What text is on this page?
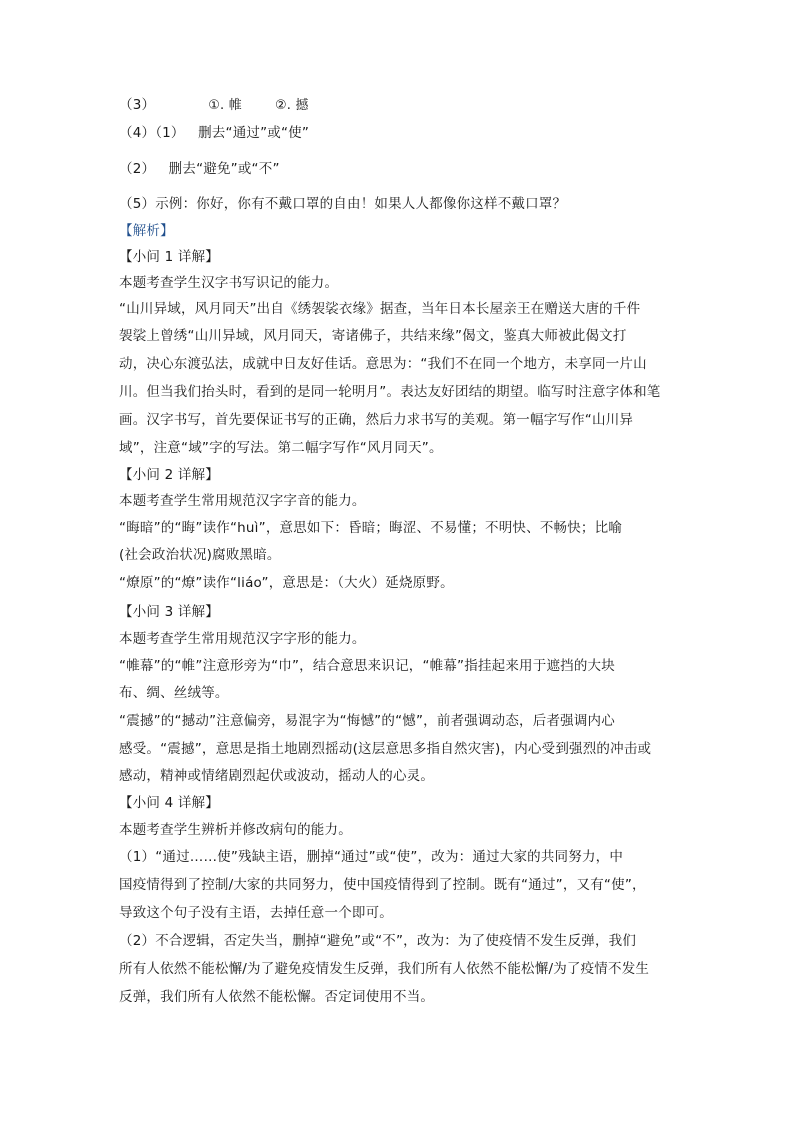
（3）	①. 帷	②. 撼
（4）（1）   删去“通过”或“使”
（2）   删去“避免”或“不”
（5）示例：你好，你有不戴口罩的自由！如果人人都像你这样不戴口罩？
【解析】
【小问 1 详解】
本题考查学生汉字书写识记的能力。
“山川异域，风月同天”出自《绣袈裟衣缘》据查，当年日本长屋亲王在赠送大唐的千件
袈裟上曾绣“山川异域，风月同天，寄诸佛子，共结来缘”偈文，鉴真大师被此偈文打
动，决心东渡弘法，成就中日友好佳话。意思为：“我们不在同一个地方，未享同一片山
川。但当我们抬头时，看到的是同一轮明月”。表达友好团结的期望。临写时注意字体和笔
画。汉字书写，首先要保证书写的正确，然后力求书写的美观。第一幅字写作“山川异
域”，注意“域”字的写法。第二幅字写作“风月同天”。
【小问 2 详解】
本题考查学生常用规范汉字字音的能力。
“晦暗”的“晦”读作“huì”，意思如下：昏暗；晦涩、不易懂；不明快、不畅快；比喻
(社会政治状况)腐败黑暗。
“燎原”的“燎”读作“liáo”，意思是：（大火）延烧原野。
【小问 3 详解】
本题考查学生常用规范汉字字形的能力。
“帷幕”的“帷”注意形旁为“巾”，结合意思来识记，“帷幕”指挂起来用于遮挡的大块
布、绸、丝绒等。
“震撼”的“撼动”注意偏旁，易混字为“悔憾”的“憾”，前者强调动态，后者强调内心
感受。“震撼”，意思是指土地剧烈摇动(这层意思多指自然灾害)，内心受到强烈的冲击或
感动，精神或情绪剧烈起伏或波动，摇动人的心灵。
【小问 4 详解】
本题考查学生辨析并修改病句的能力。
（1）“通过……使”残缺主语，删掉“通过”或“使”，改为：通过大家的共同努力，中
国疫情得到了控制/大家的共同努力，使中国疫情得到了控制。既有“通过”，又有“使”，
导致这个句子没有主语，去掉任意一个即可。
（2）不合逻辑，否定失当，删掉“避免”或“不”，改为：为了使疫情不发生反弹，我们
所有人依然不能松懈/为了避免疫情发生反弹，我们所有人依然不能松懈/为了疫情不发生
反弹，我们所有人依然不能松懈。否定词使用不当。
